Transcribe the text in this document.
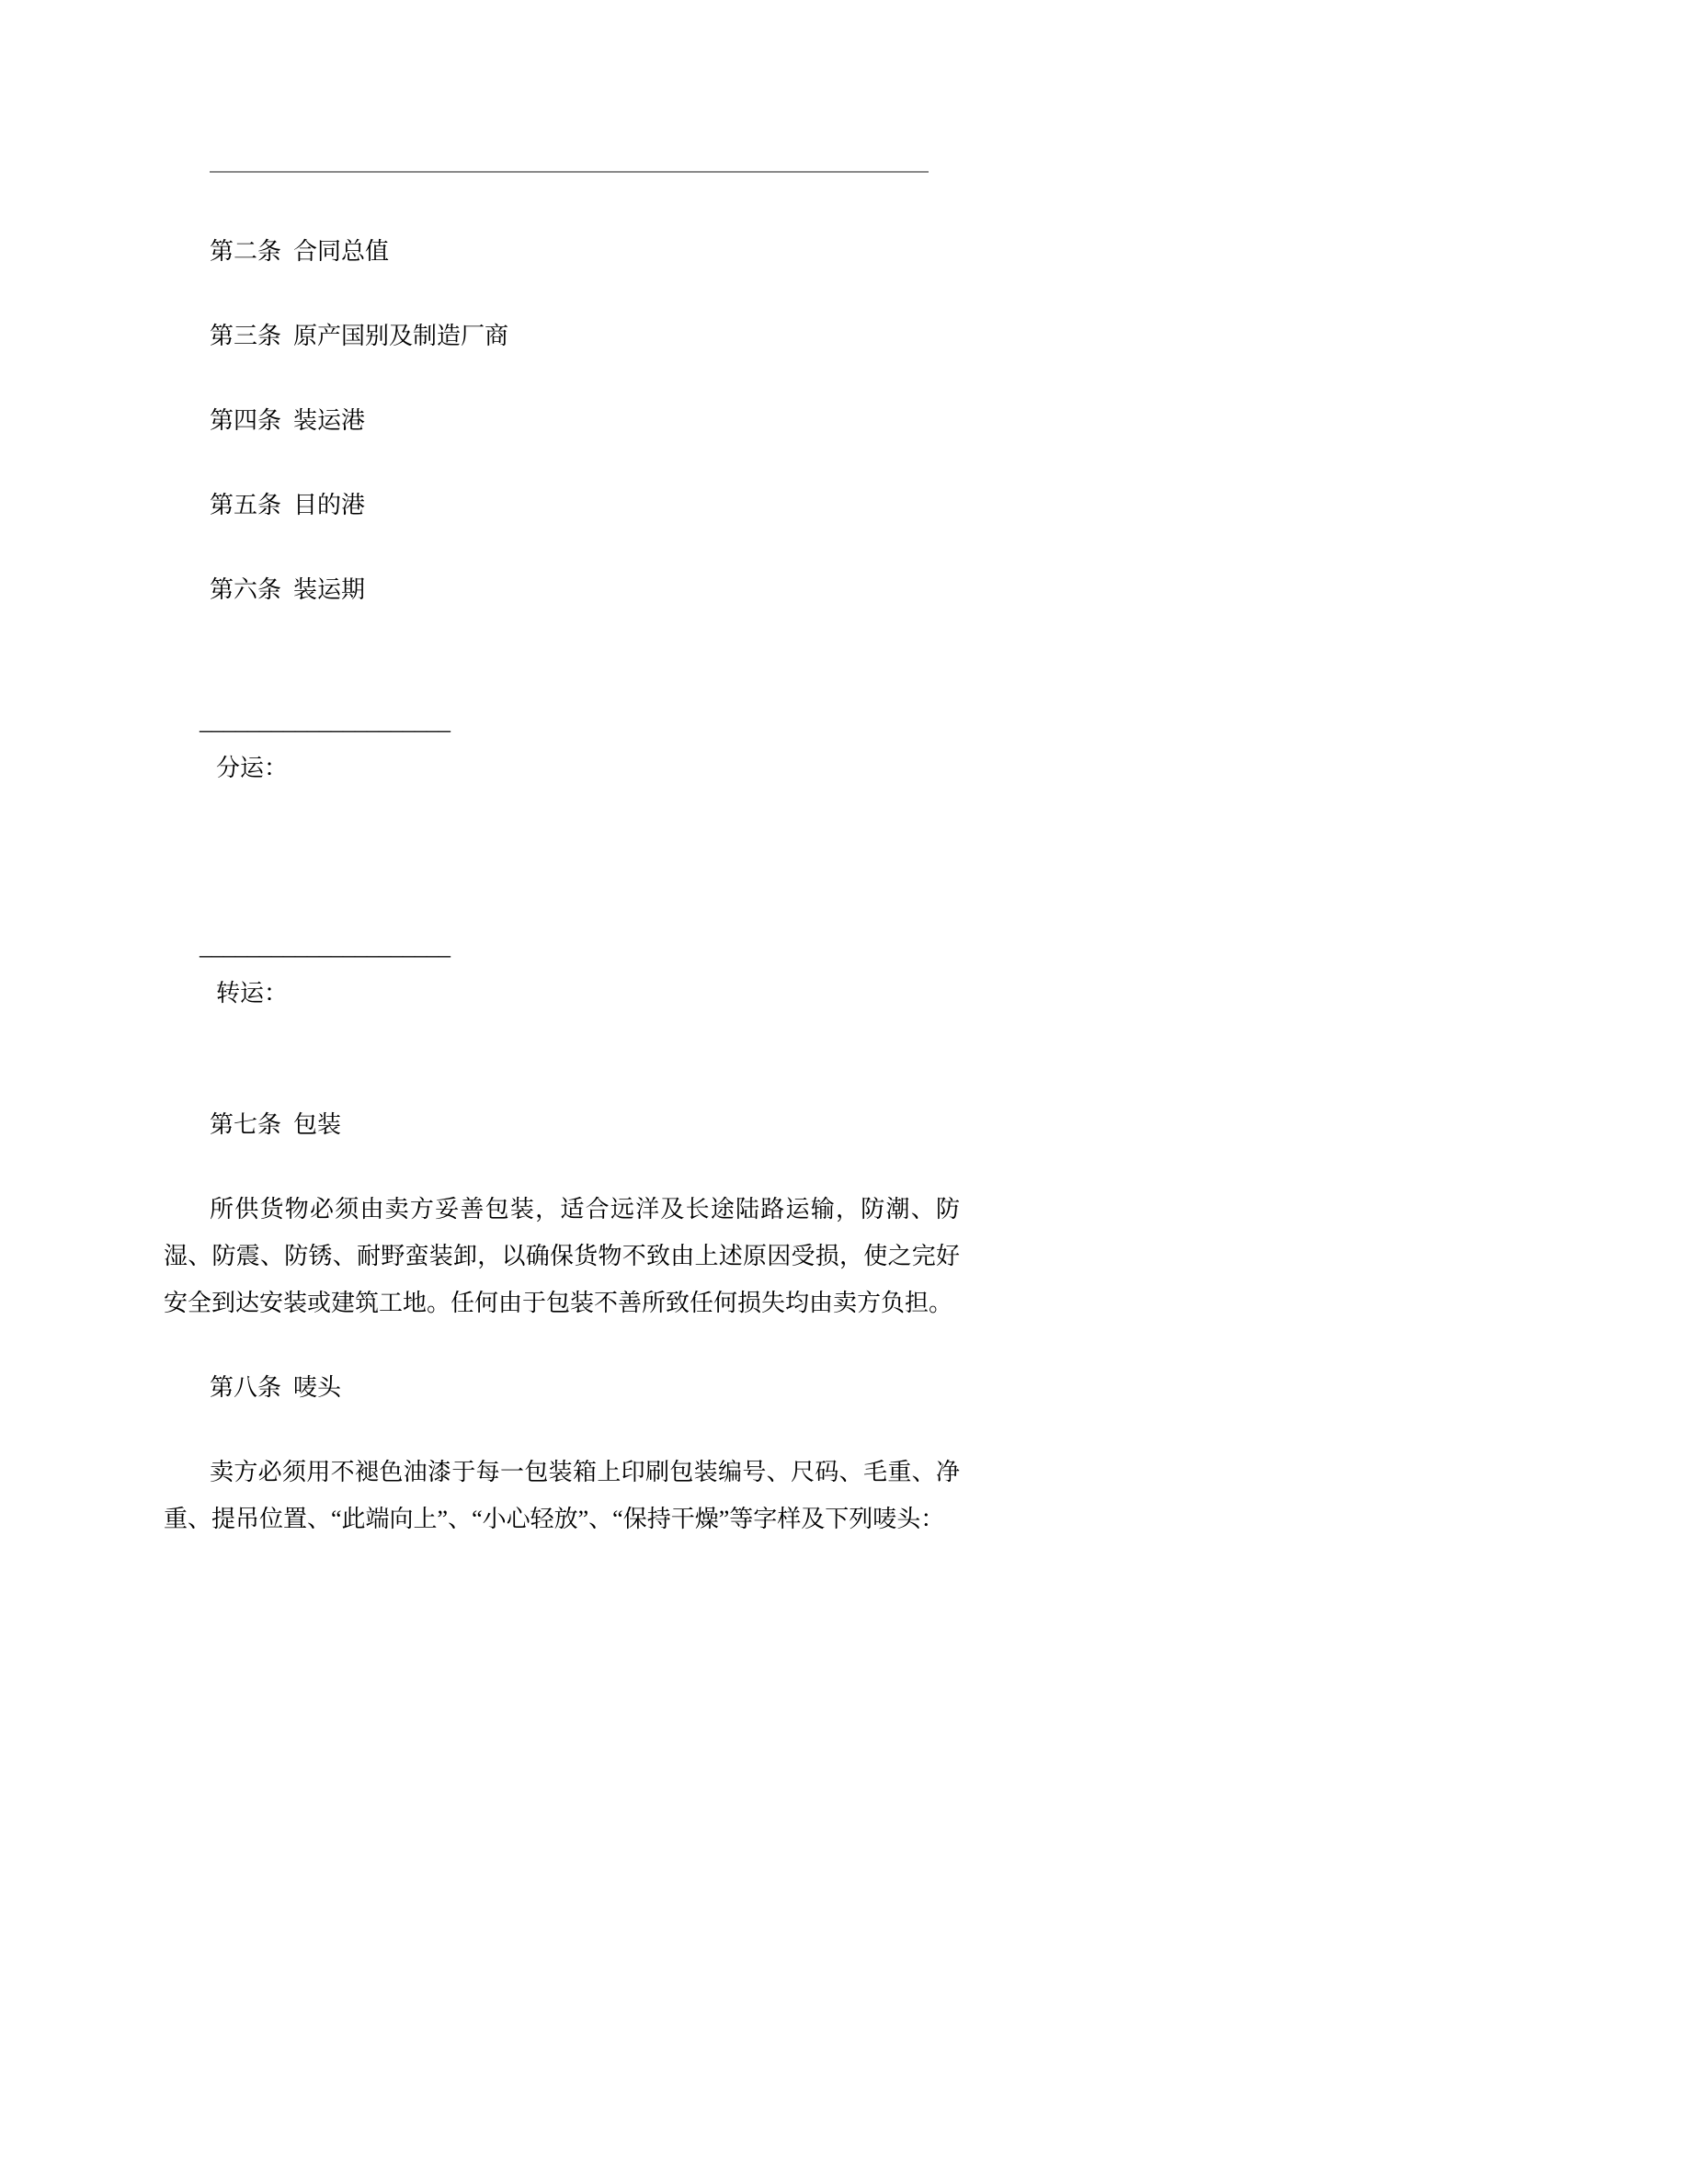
第二条  合同总值

第三条  原产国别及制造厂商

第四条  装运港

第五条  目的港

第六条  装运期

_____________________
分运：

_____________________
转运：

第七条  包装

所供货物必须由卖方妥善包装，适合远洋及长途陆路运输，防潮、防湿、防震、防锈、耐野蛮装卸，以确保货物不致由上述原因受损，使之完好安全到达安装或建筑工地。任何由于包装不善所致任何损失均由卖方负担。

第八条  唛头

卖方必须用不褪色油漆于每一包装箱上印刷包装编号、尺码、毛重、净重、提吊位置、“此端向上”、“小心轻放”、“保持干燥”等字样及下列唛头：
